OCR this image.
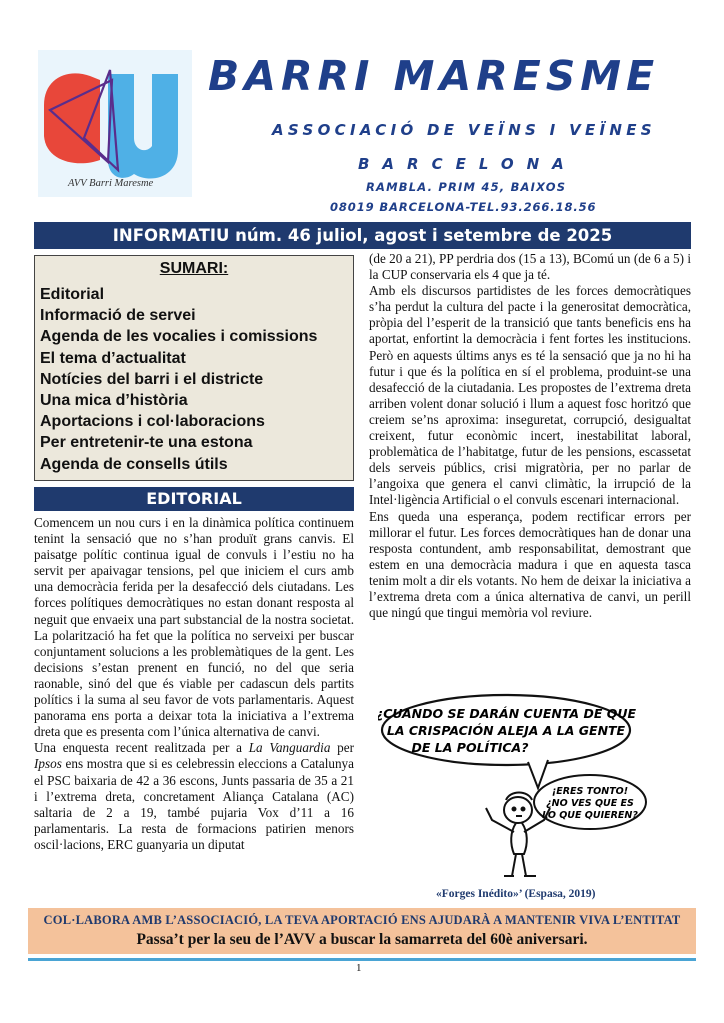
AVV Barri Maresme
BARRI MARESME
ASSOCIACIÓ DE VEÏNS I VEÏNES
BARCELONA
RAMBLA. PRIM 45, BAIXOS
08019 BARCELONA-TEL.93.266.18.56
INFORMATIU núm. 46 juliol, agost i setembre de 2025
SUMARI:
Editorial
Informació de servei
Agenda de les vocalies i comissions
El tema d’actualitat
Notícies del barri i el districte
Una mica d’història
Aportacions i col·laboracions
Per entretenir-te una estona
Agenda de consells útils
EDITORIAL

Comencem un nou curs i en la dinàmica política continuem tenint la sensació que no s’han produït grans canvis. El paisatge polític continua igual de convuls i l’estiu no ha servit per apaivagar tensions, pel que iniciem el curs amb una democràcia ferida per la desafecció dels ciutadans. Les forces polítiques democràtiques no estan donant resposta al neguit que envaeix una part substancial de la nostra societat. La polarització ha fet que la política no serveixi per buscar conjuntament solucions a les problemàtiques de la gent. Les decisions s’estan prenent en funció, no del que seria raonable, sinó del que és viable per cadascun dels partits polítics i la suma al seu favor de vots parlamentaris. Aquest panorama ens porta a deixar tota la iniciativa a l’extrema dreta que es presenta com l’única alternativa de canvi.

Una enquesta recent realitzada per a La Vanguardia per Ipsos ens mostra que si es celebressin eleccions a Catalunya el PSC baixaria de 42 a 36 escons, Junts passaria de 35 a 21 i l’extrema dreta, concretament Aliança Catalana (AC) saltaria de 2 a 19, també pujaria Vox d’11 a 16 parlamentaris. La resta de formacions patirien menors oscil·lacions, ERC guanyaria un diputat

(de 20 a 21), PP perdria dos (15 a 13), BComú un (de 6 a 5) i la CUP conservaria els 4 que ja té.

Amb els discursos partidistes de les forces democràtiques s’ha perdut la cultura del pacte i la generositat democràtica, pròpia del l’esperit de la transició que tants beneficis ens ha aportat, enfortint la democràcia i fent fortes les institucions. Però en aquests últims anys es té la sensació que ja no hi ha futur i que és la política en sí el problema, produint-se una desafecció de la ciutadania. Les propostes de l’extrema dreta arriben volent donar solució i llum a aquest fosc horitzó que creiem se’ns aproxima: inseguretat, corrupció, desigualtat creixent, futur econòmic incert, inestabilitat laboral, problemàtica de l’habitatge, futur de les pensions, escassetat dels serveis públics, crisi migratòria, per no parlar de l’angoixa que genera el canvi climàtic, la irrupció de la Intel·ligència Artificial o el convuls escenari internacional.

Ens queda una esperança, podem rectificar errors per millorar el futur. Les forces democràtiques han de donar una resposta contundent, amb responsabilitat, demostrant que estem en una democràcia madura i que en aquesta tasca tenim molt a dir els votants. No hem de deixar la iniciativa a l’extrema dreta com a única alternativa de canvi, un perill que ningú que tingui memòria vol reviure.

¿CUANDO SE DARÁN CUENTA DE QUE
LA CRISPACIÓN ALEJA A LA GENTE
DE LA POLÍTICA?
¡ERES TONTO!
¿NO VES QUE ES
LO QUE QUIEREN?
«Forges Inédito»’ (Espasa, 2019)
COL·LABORA AMB L’ASSOCIACIÓ, LA TEVA APORTACIÓ ENS AJUDARÀ A MANTENIR VIVA L’ENTITAT
Passa’t per la seu de l’AVV a buscar la samarreta del 60è aniversari.
1
